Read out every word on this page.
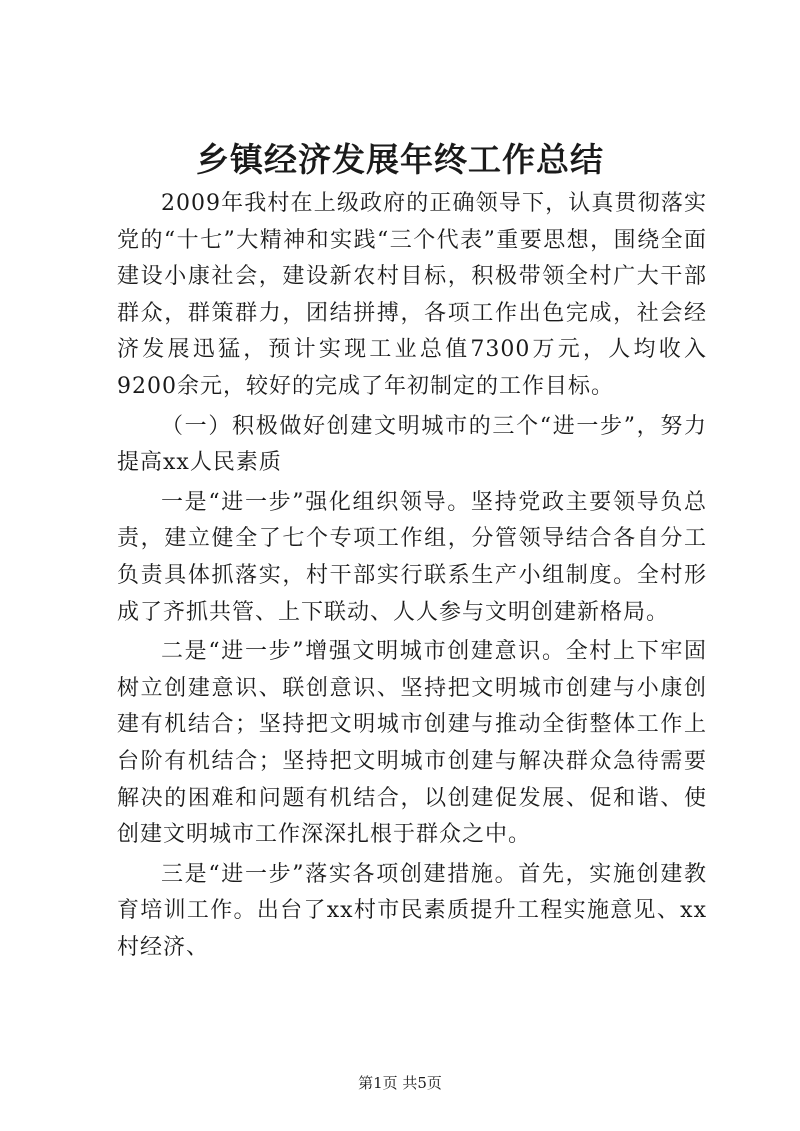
乡镇经济发展年终工作总结

2009年我村在上级政府的正确领导下，认真贯彻落实党的“十七”大精神和实践“三个代表”重要思想，围绕全面建设小康社会，建设新农村目标，积极带领全村广大干部群众，群策群力，团结拼搏，各项工作出色完成，社会经济发展迅猛，预计实现工业总值7300万元，人均收入9200余元，较好的完成了年初制定的工作目标。

（一）积极做好创建文明城市的三个“进一步”，努力提高xx人民素质

一是“进一步”强化组织领导。坚持党政主要领导负总责，建立健全了七个专项工作组，分管领导结合各自分工负责具体抓落实，村干部实行联系生产小组制度。全村形成了齐抓共管、上下联动、人人参与文明创建新格局。

二是“进一步”增强文明城市创建意识。全村上下牢固树立创建意识、联创意识、坚持把文明城市创建与小康创建有机结合；坚持把文明城市创建与推动全街整体工作上台阶有机结合；坚持把文明城市创建与解决群众急待需要解决的困难和问题有机结合，以创建促发展、促和谐、使创建文明城市工作深深扎根于群众之中。

三是“进一步”落实各项创建措施。首先，实施创建教育培训工作。出台了xx村市民素质提升工程实施意见、xx村经济、

第1页 共5页
